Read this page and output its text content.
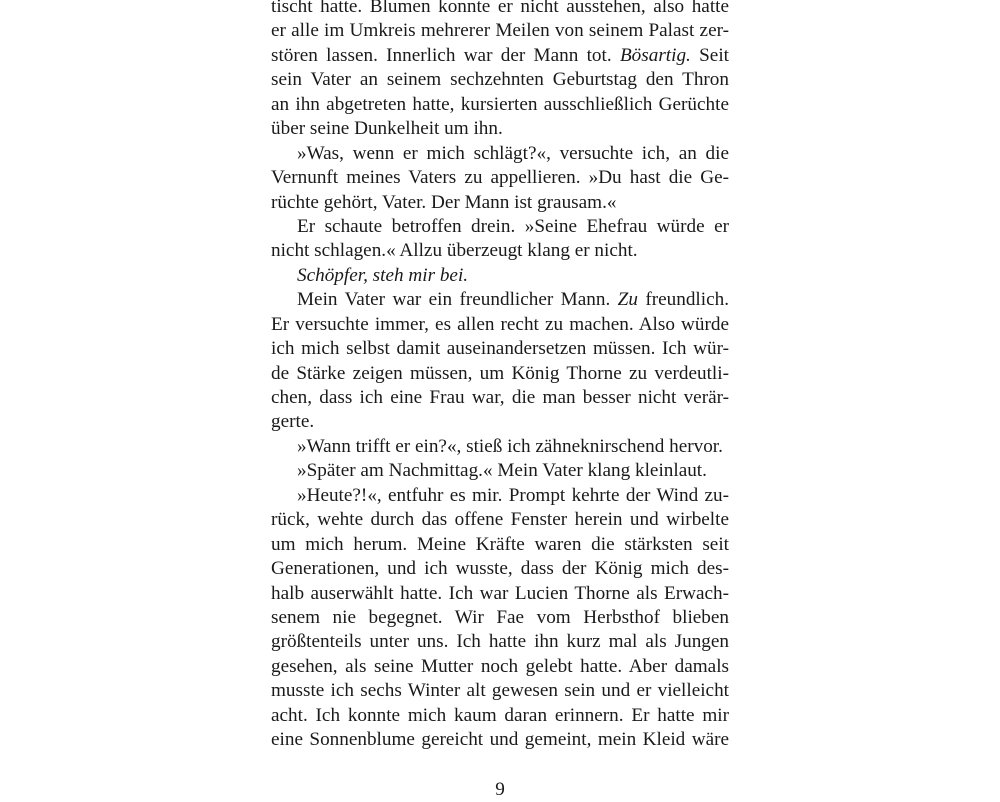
tischt hatte. Blumen konnte er nicht ausstehen, also hatte
er alle im Umkreis mehrerer Meilen von seinem Palast zer-
stören lassen. Innerlich war der Mann tot. Bösartig. Seit
sein Vater an seinem sechzehnten Geburtstag den Thron
an ihn abgetreten hatte, kursierten ausschließlich Gerüchte
über seine Dunkelheit um ihn.
»Was, wenn er mich schlägt?«, versuchte ich, an die
Vernunft meines Vaters zu appellieren. »Du hast die Ge-
rüchte gehört, Vater. Der Mann ist grausam.«
Er schaute betroffen drein. »Seine Ehefrau würde er
nicht schlagen.« Allzu überzeugt klang er nicht.
Schöpfer, steh mir bei.
Mein Vater war ein freundlicher Mann. Zu freundlich.
Er versuchte immer, es allen recht zu machen. Also würde
ich mich selbst damit auseinandersetzen müssen. Ich wür-
de Stärke zeigen müssen, um König Thorne zu verdeutli-
chen, dass ich eine Frau war, die man besser nicht verär-
gerte.
»Wann trifft er ein?«, stieß ich zähneknirschend hervor.
»Später am Nachmittag.« Mein Vater klang kleinlaut.
»Heute?!«, entfuhr es mir. Prompt kehrte der Wind zu-
rück, wehte durch das offene Fenster herein und wirbelte
um mich herum. Meine Kräfte waren die stärksten seit
Generationen, und ich wusste, dass der König mich des-
halb auserwählt hatte. Ich war Lucien Thorne als Erwach-
senem nie begegnet. Wir Fae vom Herbsthof blieben
größtenteils unter uns. Ich hatte ihn kurz mal als Jungen
gesehen, als seine Mutter noch gelebt hatte. Aber damals
musste ich sechs Winter alt gewesen sein und er vielleicht
acht. Ich konnte mich kaum daran erinnern. Er hatte mir
eine Sonnenblume gereicht und gemeint, mein Kleid wäre
9
